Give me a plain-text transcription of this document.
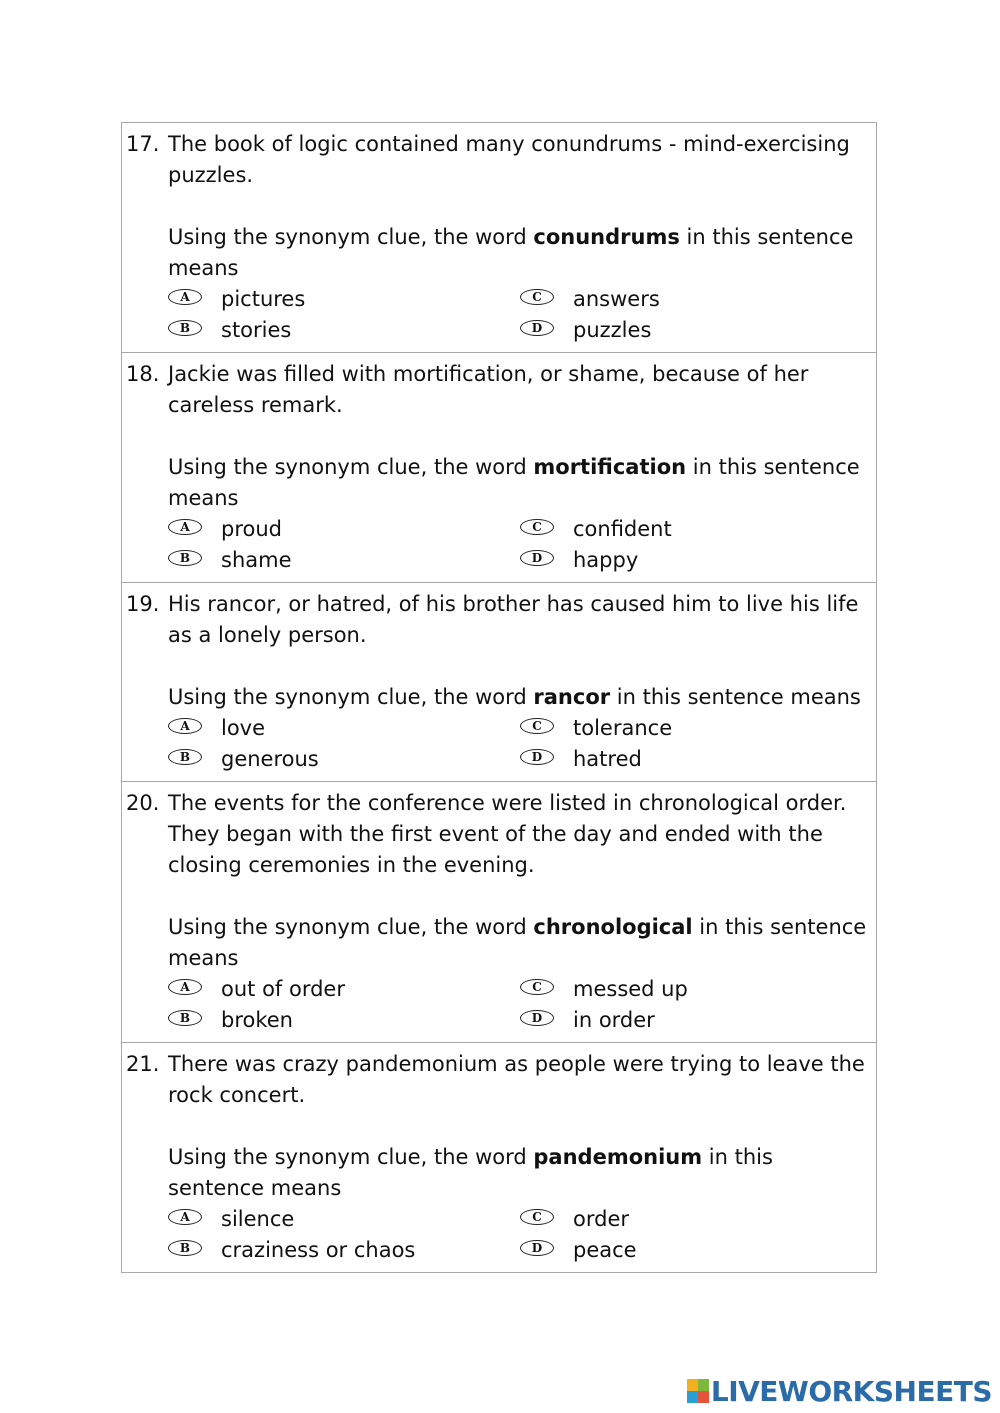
17. The book of logic contained many conundrums - mind-exercising puzzles.

Using the synonym clue, the word conundrums in this sentence means

A	pictures	C	answers
B	stories	D	puzzles
18. Jackie was filled with mortification, or shame, because of her careless remark.

Using the synonym clue, the word mortification in this sentence means

A	proud	C	confident
B	shame	D	happy
19. His rancor, or hatred, of his brother has caused him to live his life as a lonely person.

Using the synonym clue, the word rancor in this sentence means

A	love	C	tolerance
B	generous	D	hatred
20. The events for the conference were listed in chronological order. They began with the first event of the day and ended with the closing ceremonies in the evening.

Using the synonym clue, the word chronological in this sentence means

A	out of order	C	messed up
B	broken	D	in order
21. There was crazy pandemonium as people were trying to leave the rock concert.

Using the synonym clue, the word pandemonium in this sentence means

A	silence	C	order
B	craziness or chaos	D	peace
LIVEWORKSHEETS
